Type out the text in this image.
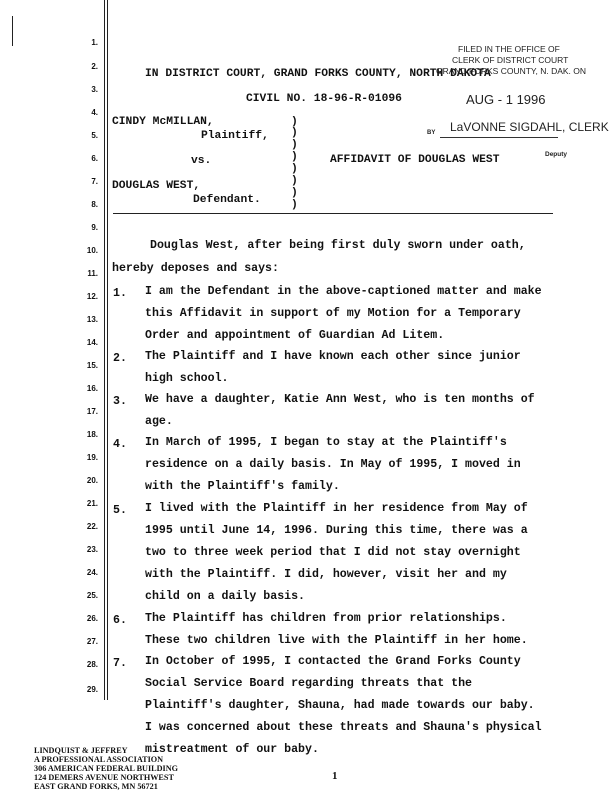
1.
2.
3.
4.
5.
6.
7.
8.
9.
10.
11.
12.
13.
14.
15.
16.
17.
18.
19.
20.
21.
22.
23.
24.
25.
26.
27.
28.
29.
IN DISTRICT COURT, GRAND FORKS COUNTY, NORTH DAKOTA
CIVIL NO. 18-96-R-01096
CINDY McMILLAN,
Plaintiff,
vs.
DOUGLAS WEST,
Defendant.
)
)
)
)
)
)
)
)
AFFIDAVIT OF DOUGLAS WEST
FILED IN THE OFFICE OF
CLERK OF DISTRICT COURT
GRAND FORKS COUNTY, N. DAK. ON
AUG - 1 1996
LaVONNE SIGDAHL, CLERK
BY
Deputy
Douglas West, after being first duly sworn under oath,
hereby deposes and says:
1. I am the Defendant in the above-captioned matter and make
this Affidavit in support of my Motion for a Temporary
Order and appointment of Guardian Ad Litem.
2. The Plaintiff and I have known each other since junior
high school.
3. We have a daughter, Katie Ann West, who is ten months of
age.
4. In March of 1995, I began to stay at the Plaintiff's
residence on a daily basis. In May of 1995, I moved in
with the Plaintiff's family.
5. I lived with the Plaintiff in her residence from May of
1995 until June 14, 1996. During this time, there was a
two to three week period that I did not stay overnight
with the Plaintiff. I did, however, visit her and my
child on a daily basis.
6. The Plaintiff has children from prior relationships.
These two children live with the Plaintiff in her home.
7. In October of 1995, I contacted the Grand Forks County
Social Service Board regarding threats that the
Plaintiff's daughter, Shauna, had made towards our baby.
I was concerned about these threats and Shauna's physical
mistreatment of our baby.
1
LINDQUIST & JEFFREY
A PROFESSIONAL ASSOCIATION
306 AMERICAN FEDERAL BUILDING
124 DEMERS AVENUE NORTHWEST
EAST GRAND FORKS, MN 56721
